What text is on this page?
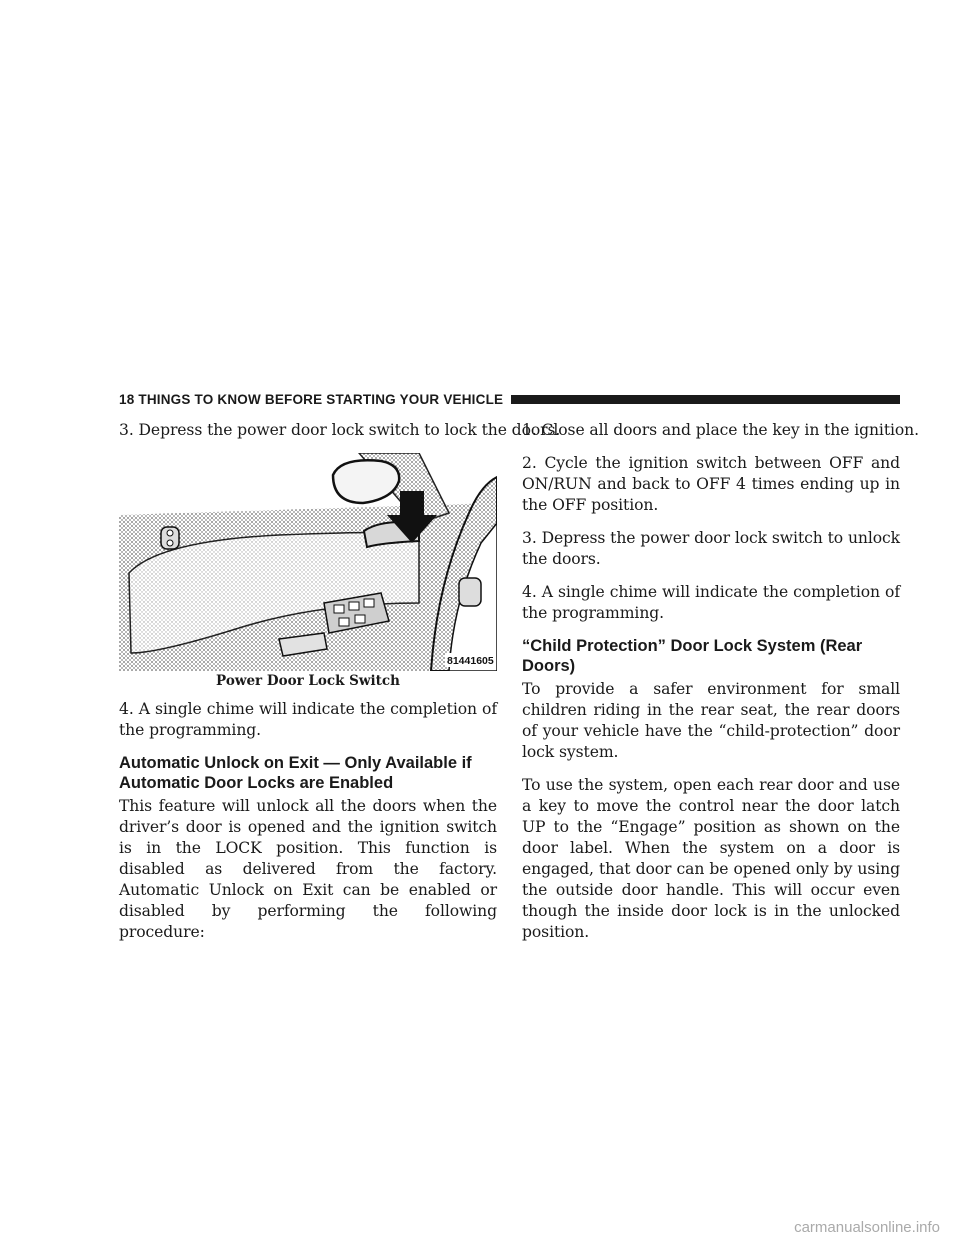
18 THINGS TO KNOW BEFORE STARTING YOUR VEHICLE

3. Depress the power door lock switch to lock the doors.

81441605
Power Door Lock Switch

4. A single chime will indicate the completion of the programming.

Automatic Unlock on Exit — Only Available if Automatic Door Locks are Enabled

This feature will unlock all the doors when the driver’s door is opened and the ignition switch is in the LOCK position. This function is disabled as delivered from the factory. Automatic Unlock on Exit can be enabled or disabled by performing the following procedure:

1. Close all doors and place the key in the ignition.

2. Cycle the ignition switch between OFF and ON/RUN and back to OFF 4 times ending up in the OFF position.

3. Depress the power door lock switch to unlock the doors.

4. A single chime will indicate the completion of the programming.

“Child Protection” Door Lock System (Rear Doors)

To provide a safer environment for small children riding in the rear seat, the rear doors of your vehicle have the “child-protection” door lock system.

To use the system, open each rear door and use a key to move the control near the door latch UP to the “Engage” position as shown on the door label. When the system on a door is engaged, that door can be opened only by using the outside door handle. This will occur even though the inside door lock is in the unlocked position.

carmanualsonline.info
